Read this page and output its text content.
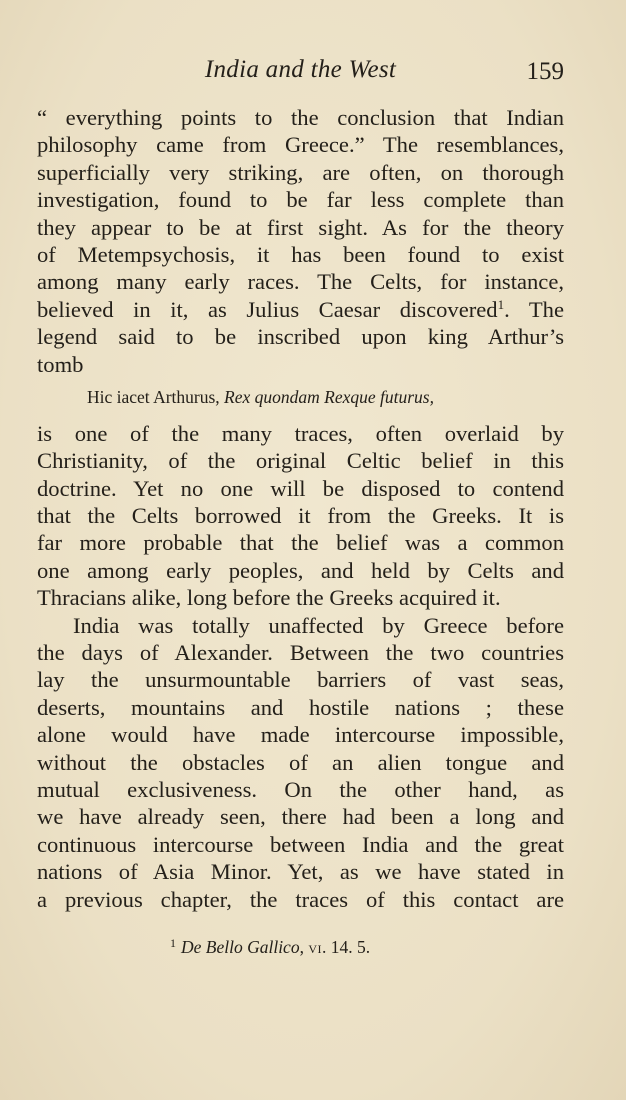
India and the West	159
“ everything points to the conclusion that Indian
philosophy came from Greece.” The resemblances,
superficially very striking, are often, on thorough
investigation, found to be far less complete than
they appear to be at first sight. As for the theory
of Metempsychosis, it has been found to exist
among many early races. The Celts, for instance,
believed in it, as Julius Caesar discovered$^1$. The
legend said to be inscribed upon king Arthur’s
tomb
Hic iacet Arthurus, Rex quondam Rexque futurus,
is one of the many traces, often overlaid by
Christianity, of the original Celtic belief in this
doctrine. Yet no one will be disposed to contend
that the Celts borrowed it from the Greeks. It is
far more probable that the belief was a common
one among early peoples, and held by Celts and
Thracians alike, long before the Greeks acquired it.
India was totally unaffected by Greece before
the days of Alexander. Between the two countries
lay the unsurmountable barriers of vast seas,
deserts, mountains and hostile nations ; these
alone would have made intercourse impossible,
without the obstacles of an alien tongue and
mutual exclusiveness. On the other hand, as
we have already seen, there had been a long and
continuous intercourse between India and the great
nations of Asia Minor. Yet, as we have stated in
a previous chapter, the traces of this contact are
$^1$ De Bello Gallico, vi. 14. 5.
